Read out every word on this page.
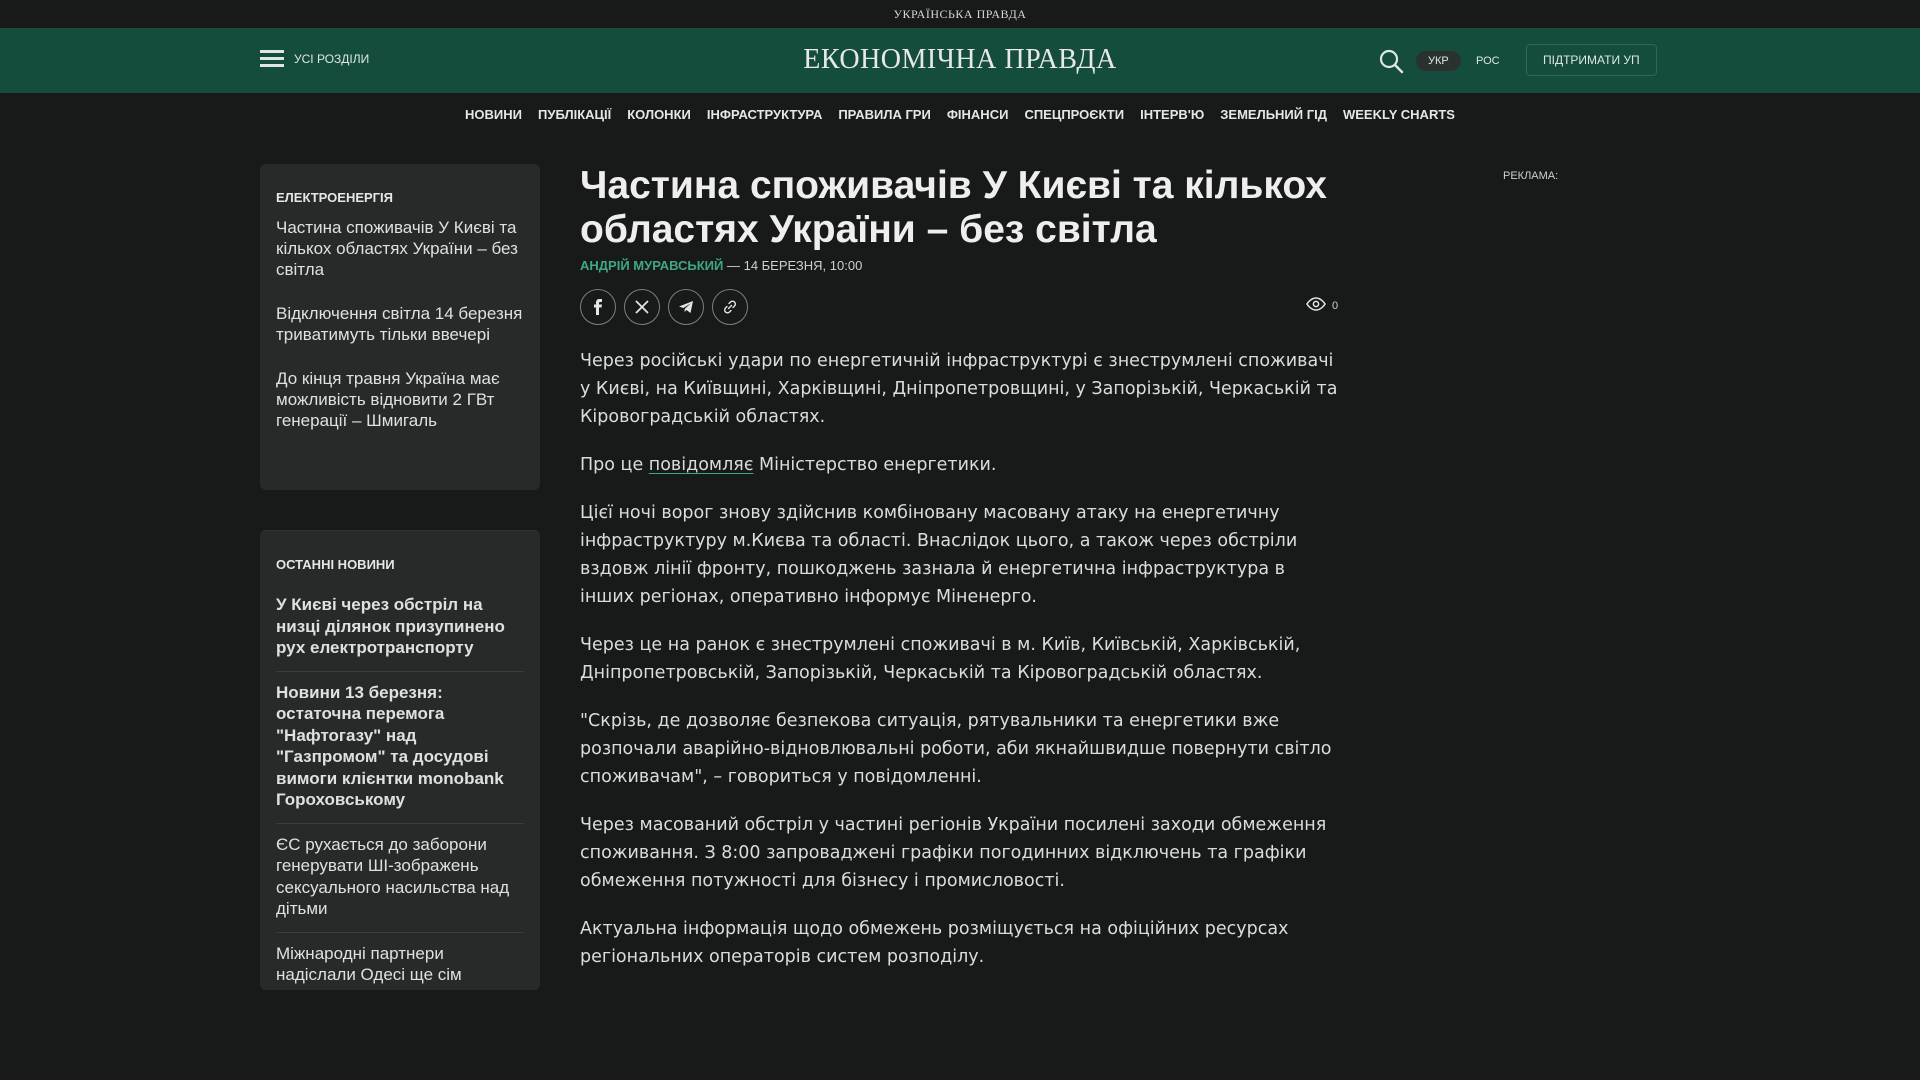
УКРАЇНСЬКА ПРАВДА
УСІ РОЗДІЛИ	ЕКОНОМІЧНА ПРАВДА	УКР	РОС	ПІДТРИМАТИ УП
НОВИНИ ПУБЛІКАЦІЇ КОЛОНКИ ІНФРАСТРУКТУРА ПРАВИЛА ГРИ ФІНАНСИ СПЕЦПРОЄКТИ ІНТЕРВ'Ю ЗЕМЕЛЬНИЙ ГІД WEEKLY CHARTS
ЕЛЕКТРОЕНЕРГІЯ
Частина споживачів У Києві та кількох областях України – без світла
Відключення світла 14 березня триватимуть тільки ввечері
До кінця травня Україна має можливість відновити 2 ГВт генерації – Шмигаль
ОСТАННІ НОВИНИ
У Києві через обстріл на низці ділянок призупинено рух електротранспорту
Новини 13 березня: остаточна перемога "Нафтогазу" над "Газпромом" та досудові вимоги клієнтки monobank Гороховському
ЄС рухається до заборони генерувати ШІ-зображень сексуального насильства над дітьми
Міжнародні партнери надіслали Одесі ще сім
Частина споживачів У Києві та кількох областях України – без світла
АНДРІЙ МУРАВСЬКИЙ — 14 БЕРЕЗНЯ, 10:00
0

Через російські удари по енергетичній інфраструктурі є знеструмлені споживачі у Києві, на Київщині, Харківщині, Дніпропетровщині, у Запорізькій, Черкаській та Кіровоградській областях.

Про це повідомляє Міністерство енергетики.

Цієї ночі ворог знову здійснив комбіновану масовану атаку на енергетичну інфраструктуру м.Києва та області. Внаслідок цього, а також через обстріли вздовж лінії фронту, пошкоджень зазнала й енергетична інфраструктура в інших регіонах, оперативно інформує Міненерго.

Через це на ранок є знеструмлені споживачі в м. Київ, Київській, Харківській, Дніпропетровській, Запорізькій, Черкаській та Кіровоградській областях.

"Скрізь, де дозволяє безпекова ситуація, рятувальники та енергетики вже розпочали аварійно-відновлювальні роботи, аби якнайшвидше повернути світло споживачам", – говориться у повідомленні.

Через масований обстріл у частині регіонів України посилені заходи обмеження споживання. З 8:00 запроваджені графіки погодинних відключень та графіки обмеження потужності для бізнесу і промисловості.

Актуальна інформація щодо обмежень розміщується на офіційних ресурсах регіональних операторів систем розподілу.

РЕКЛАМА:
